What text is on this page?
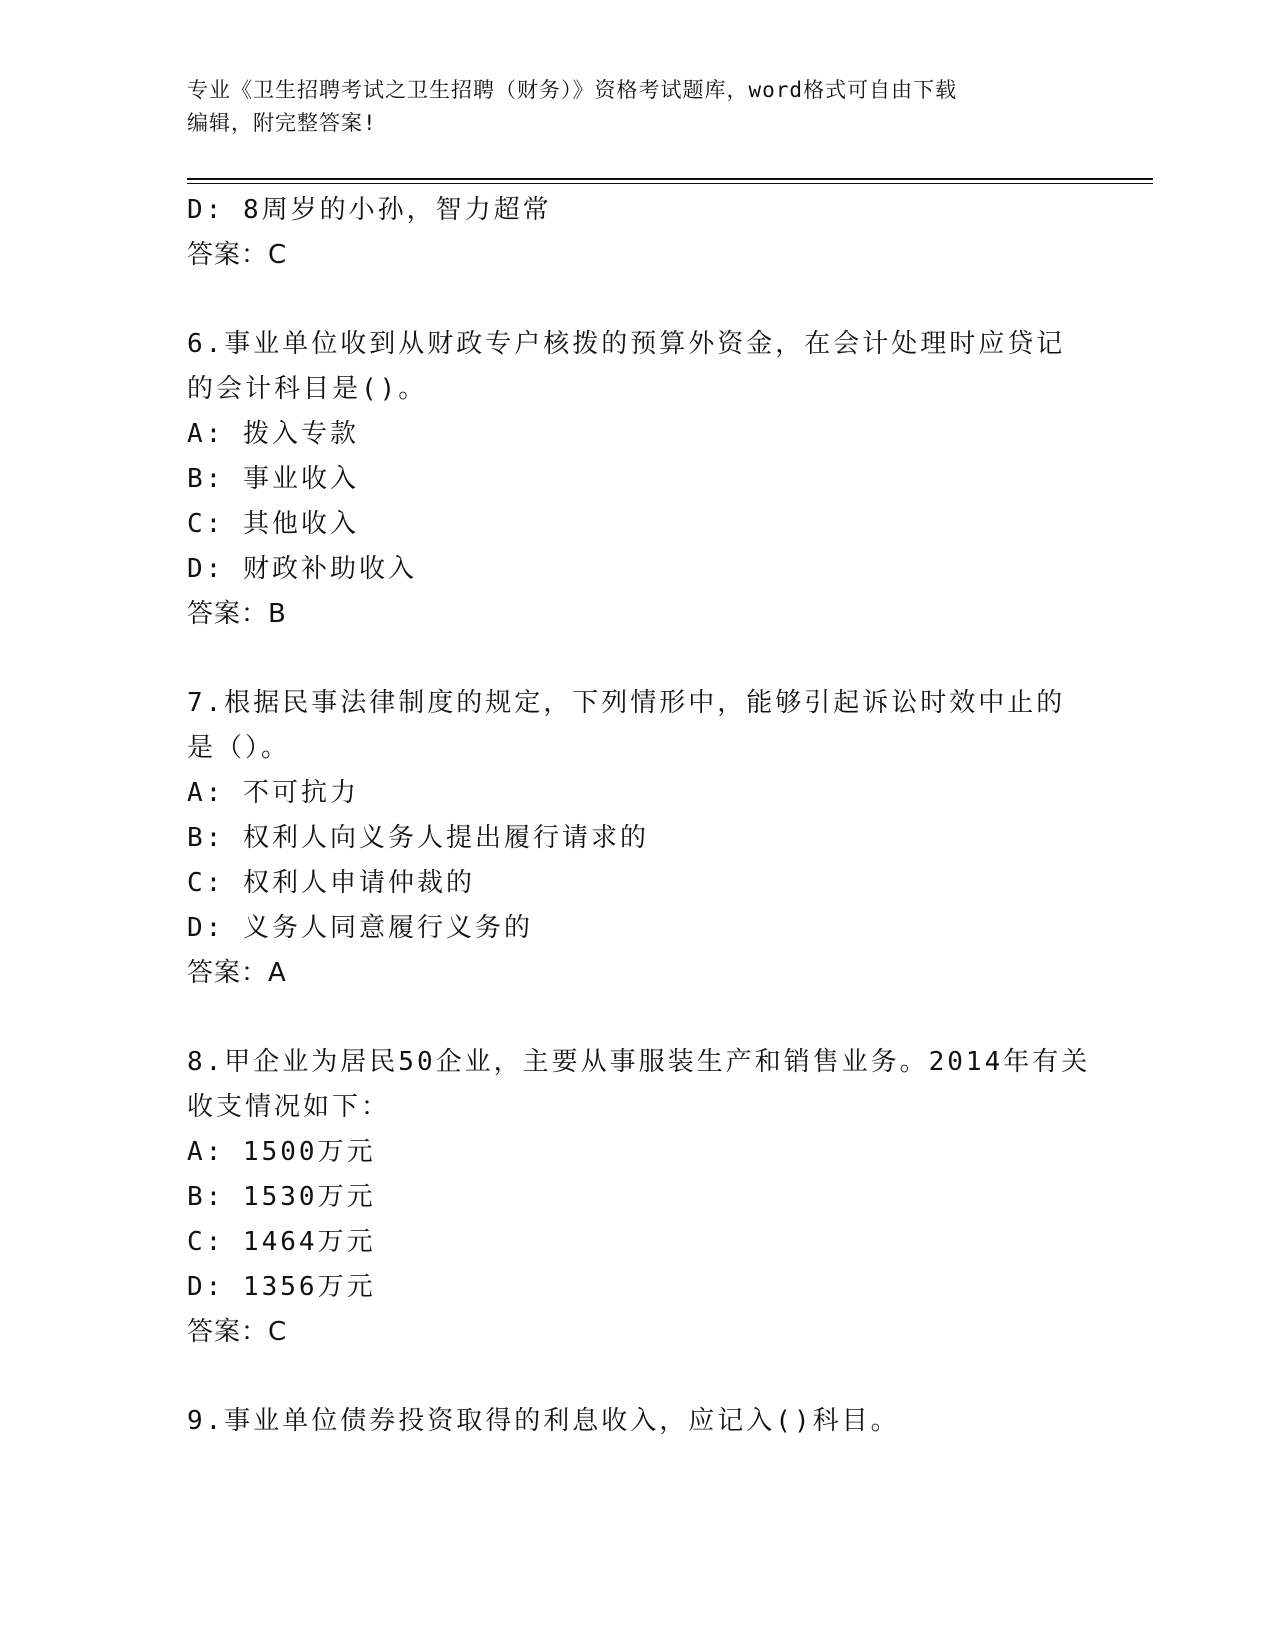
专业《卫生招聘考试之卫生招聘（财务）》资格考试题库，word格式可自由下载
编辑，附完整答案!
D: 8周岁的小孙，智力超常
答案：C
6.事业单位收到从财政专户核拨的预算外资金，在会计处理时应贷记
的会计科目是()。
A: 拨入专款
B: 事业收入
C: 其他收入
D: 财政补助收入
答案：B
7.根据民事法律制度的规定，下列情形中，能够引起诉讼时效中止的
是（）。
A: 不可抗力
B: 权利人向义务人提出履行请求的
C: 权利人申请仲裁的
D: 义务人同意履行义务的
答案：A
8.甲企业为居民50企业，主要从事服装生产和销售业务。2014年有关
收支情况如下：
A: 1500万元
B: 1530万元
C: 1464万元
D: 1356万元
答案：C
9.事业单位债券投资取得的利息收入，应记入()科目。
